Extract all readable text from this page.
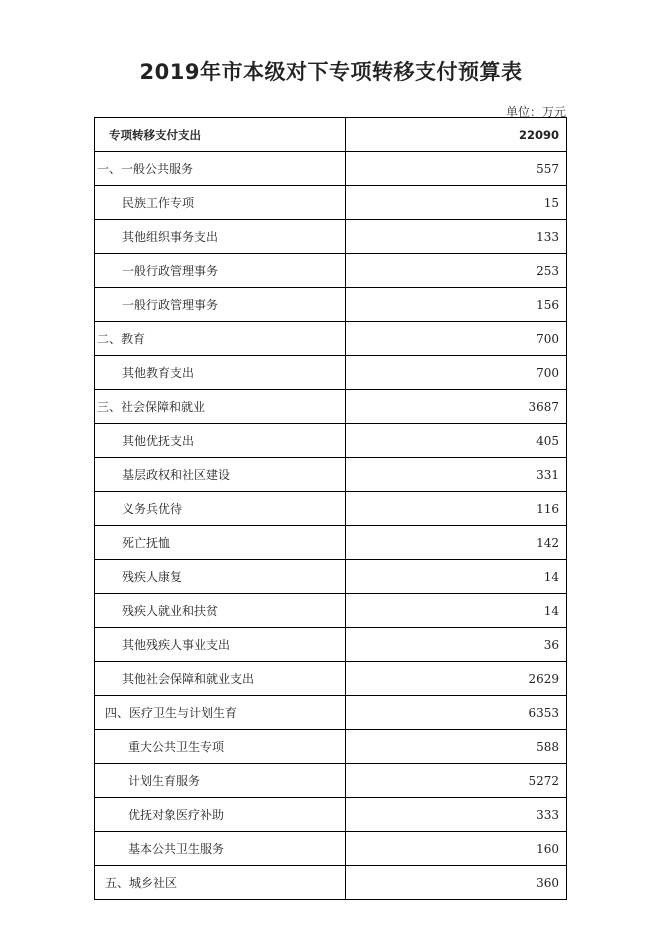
2019年市本级对下专项转移支付预算表
单位：万元
专项转移支付支出	22090
一、一般公共服务	557
民族工作专项	15
其他组织事务支出	133
一般行政管理事务	253
一般行政管理事务	156
二、教育	700
其他教育支出	700
三、社会保障和就业	3687
其他优抚支出	405
基层政权和社区建设	331
义务兵优待	116
死亡抚恤	142
残疾人康复	14
残疾人就业和扶贫	14
其他残疾人事业支出	36
其他社会保障和就业支出	2629
四、医疗卫生与计划生育	6353
重大公共卫生专项	588
计划生育服务	5272
优抚对象医疗补助	333
基本公共卫生服务	160
五、城乡社区	360
